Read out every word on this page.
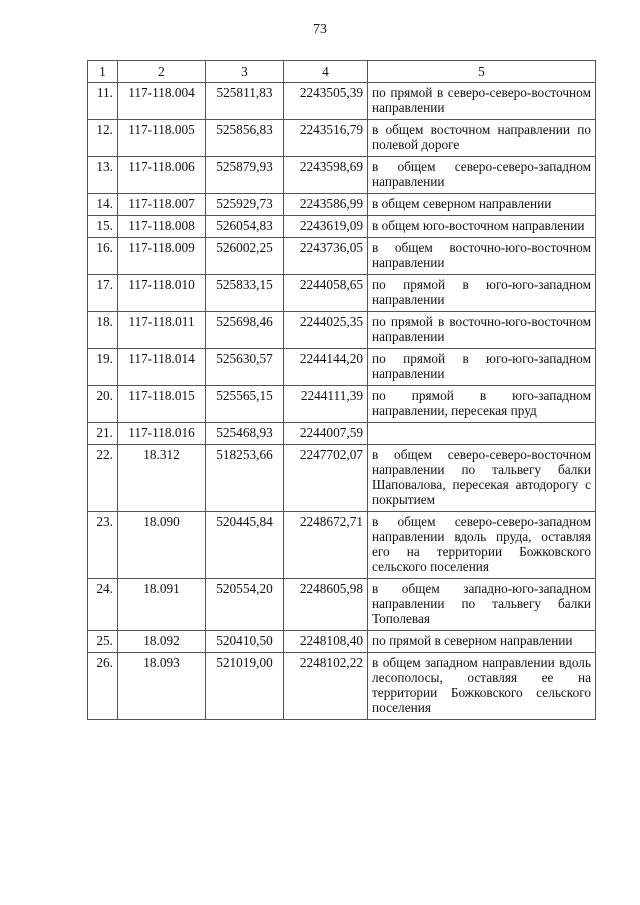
73
1	2	3	4	5
11.	117-118.004	525811,83	2243505,39	по прямой в северо-северо-восточном направлении
12.	117-118.005	525856,83	2243516,79	в общем восточном направлении по полевой дороге
13.	117-118.006	525879,93	2243598,69	в общем северо-северо-западном направлении
14.	117-118.007	525929,73	2243586,99	в общем северном направлении
15.	117-118.008	526054,83	2243619,09	в общем юго-восточном направлении
16.	117-118.009	526002,25	2243736,05	в общем восточно-юго-восточном направлении
17.	117-118.010	525833,15	2244058,65	по прямой в юго-юго-западном направлении
18.	117-118.011	525698,46	2244025,35	по прямой в восточно-юго-восточном направлении
19.	117-118.014	525630,57	2244144,20	по прямой в юго-юго-западном направлении
20.	117-118.015	525565,15	2244111,39	по прямой в юго-западном направлении, пересекая пруд
21.	117-118.016	525468,93	2244007,59	
22.	18.312	518253,66	2247702,07	в общем северо-северо-восточном направлении по тальвегу балки Шаповалова, пересекая автодорогу с покрытием
23.	18.090	520445,84	2248672,71	в общем северо-северо-западном направлении вдоль пруда, оставляя его на территории Божковского сельского поселения
24.	18.091	520554,20	2248605,98	в общем западно-юго-западном направлении по тальвегу балки Тополевая
25.	18.092	520410,50	2248108,40	по прямой в северном направлении
26.	18.093	521019,00	2248102,22	в общем западном направлении вдоль лесополосы, оставляя ее на территории Божковского сельского поселения
